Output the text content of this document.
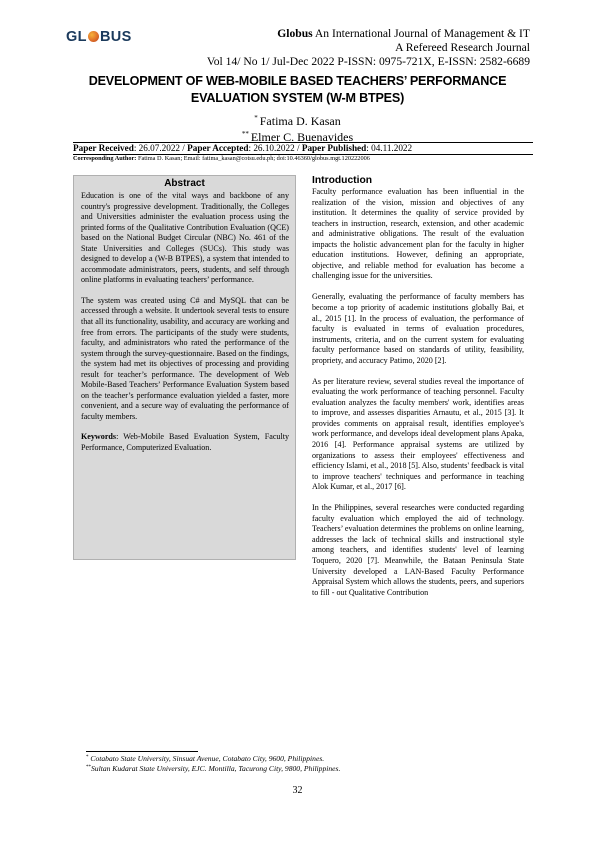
GL BUS	Globus An International Journal of Management & IT
A Refereed Research Journal
Vol 14/ No 1/ Jul-Dec 2022 P-ISSN: 0975-721X, E-ISSN: 2582-6689
DEVELOPMENT OF WEB-MOBILE BASED TEACHERS’ PERFORMANCE
EVALUATION SYSTEM (W-M BTPES)
* Fatima D. Kasan
** Elmer C. Buenavides
Paper Received: 26.07.2022 / Paper Accepted: 26.10.2022 / Paper Published: 04.11.2022
Corresponding Author: Fatima D. Kasan; Email: fatima_kasan@cotsu.edu.ph; doi:10.46360/globus.mgt.120222006
Abstract

Education is one of the vital ways and backbone of any country's progressive development. Traditionally, the Colleges and Universities administer the evaluation process using the printed forms of the Qualitative Contribution Evaluation (QCE) based on the National Budget Circular (NBC) No. 461 of the State Universities and Colleges (SUCs). This study was designed to develop a (W-B BTPES), a system that intended to accommodate administrators, peers, students, and self through online platforms in evaluating teachers’ performance.

The system was created using C# and MySQL that can be accessed through a website. It undertook several tests to ensure that all its functionality, usability, and accuracy are working and free from errors. The participants of the study were students, faculty, and administrators who rated the performance of the system through the survey-questionnaire. Based on the findings, the system had met its objectives of processing and providing result for teacher’s performance. The development of Web Mobile-Based Teachers’ Performance Evaluation System based on the teacher’s performance evaluation yielded a faster, more convenient, and a secure way of evaluating the performance of faculty members.

Keywords: Web-Mobile Based Evaluation System, Faculty Performance, Computerized Evaluation.

Introduction

Faculty performance evaluation has been influential in the realization of the vision, mission and objectives of any institution. It determines the quality of service provided by teachers in instruction, research, extension, and other academic and administrative obligations. The result of the evaluation impacts the holistic advancement plan for the faculty in higher education institutions. However, defining an appropriate, objective, and reliable method for evaluation has become a challenging issue for the universities.

Generally, evaluating the performance of faculty members has become a top priority of academic institutions globally Bai, et al., 2015 [1]. In the process of evaluation, the performance of faculty is evaluated in terms of evaluation procedures, instruments, criteria, and on the current system for evaluating faculty performance based on standards of utility, feasibility, propriety, and accuracy Patimo, 2020 [2].

As per literature review, several studies reveal the importance of evaluating the work performance of teaching personnel. Faculty evaluation analyzes the faculty members' work, identifies areas to improve, and assesses disparities Arnautu, et al., 2015 [3]. It provides comments on appraisal result, identifies employee's work performance, and develops ideal development plans Apaka, 2016 [4]. Performance appraisal systems are utilized by organizations to assess their employees' effectiveness and efficiency Islami, et al., 2018 [5]. Also, students' feedback is vital to improve teachers' techniques and performance in teaching Alok Kumar, et al., 2017 [6].

In the Philippines, several researches were conducted regarding faculty evaluation which employed the aid of technology. Teachers’ evaluation determines the problems on online learning, addresses the lack of technical skills and instructional style among teachers, and identifies students' level of learning Toquero, 2020 [7]. Meanwhile, the Bataan Peninsula State University developed a LAN-Based Faculty Performance Appraisal System which allows the students, peers, and superiors to fill - out Qualitative Contribution

* Cotabato State University, Sinsuat Avenue, Cotabato City, 9600, Philippines.
**Sultan Kudarat State University, EJC. Montilla, Tacurong City, 9800, Philippines.
32
